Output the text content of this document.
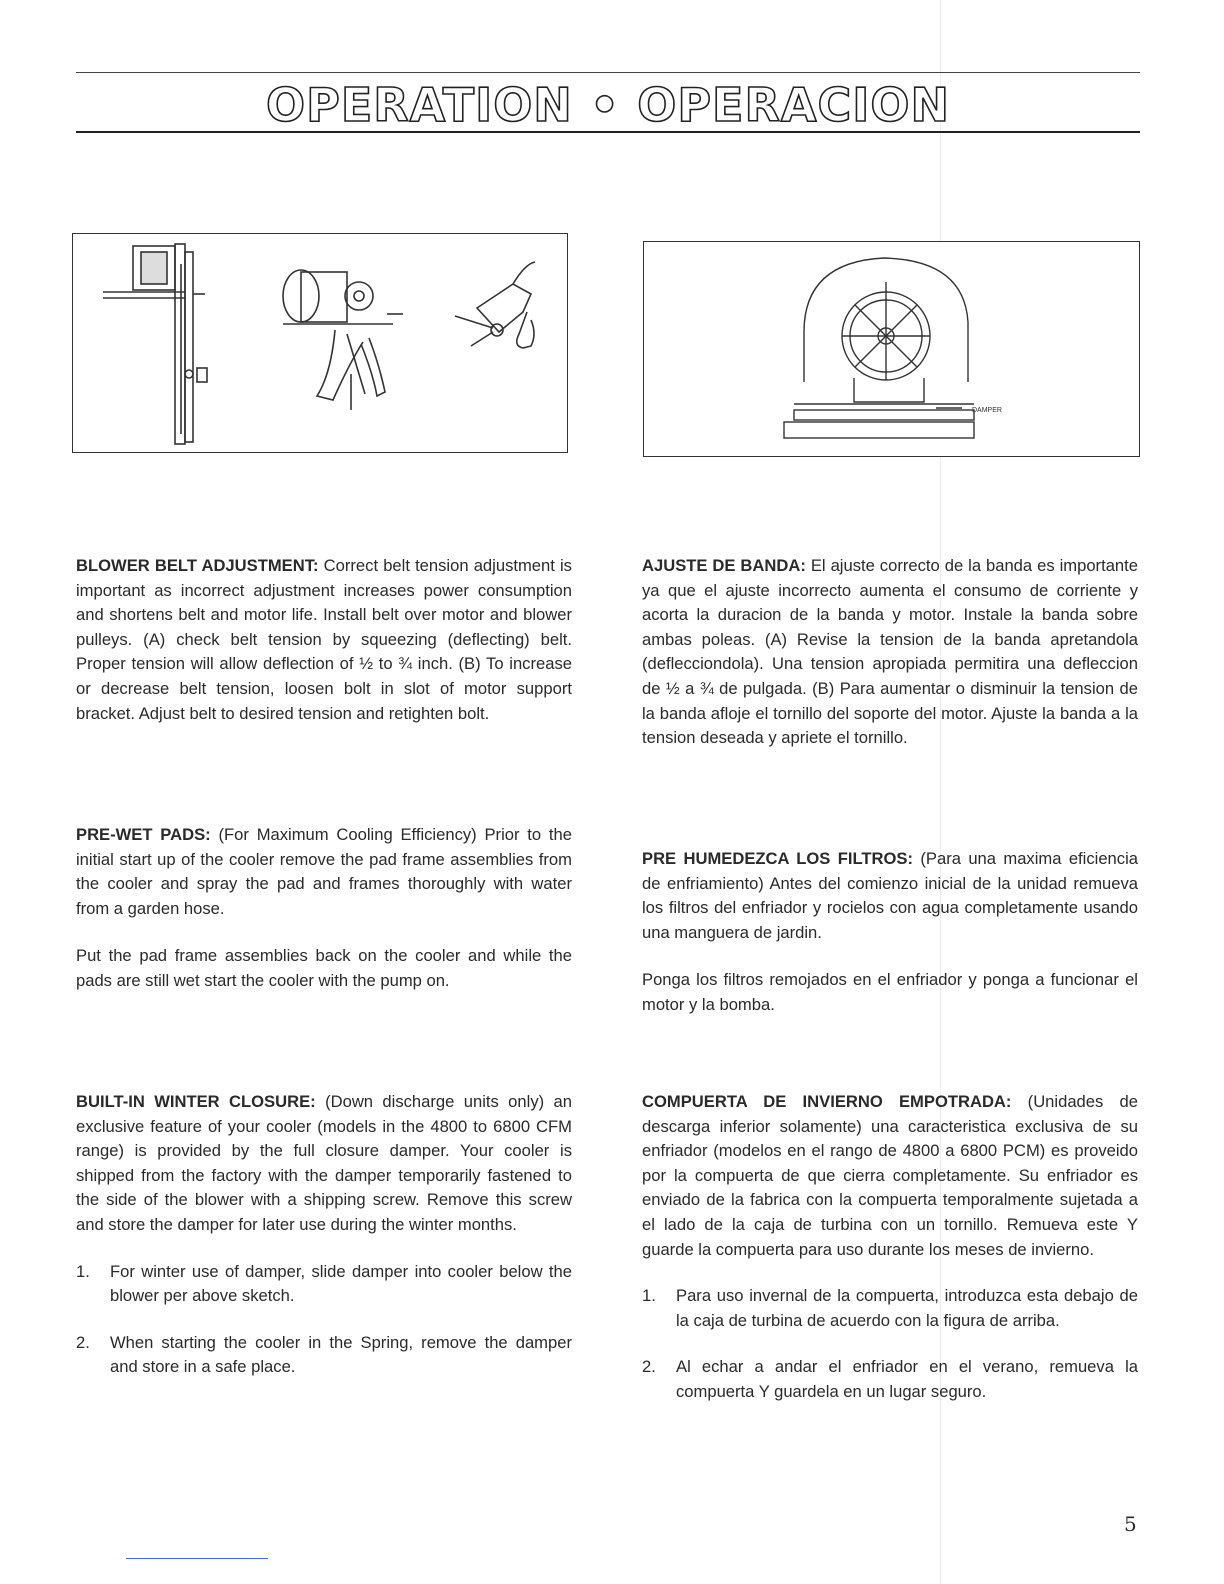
OPERATION • OPERACION
DAMPER

BLOWER BELT ADJUSTMENT: Correct belt tension adjustment is important as incorrect adjustment increases power consumption and shortens belt and motor life. Install belt over motor and blower pulleys. (A) check belt tension by squeezing (deflecting) belt. Proper tension will allow deflection of ½ to ¾ inch. (B) To increase or decrease belt tension, loosen bolt in slot of motor support bracket. Adjust belt to desired tension and retighten bolt.

AJUSTE DE BANDA: El ajuste correcto de la banda es importante ya que el ajuste incorrecto aumenta el consumo de corriente y acorta la duracion de la banda y motor. Instale la banda sobre ambas poleas. (A) Revise la tension de la banda apretandola (deflecciondola). Una tension apropiada permitira una defleccion de ½ a ¾ de pulgada. (B) Para aumentar o disminuir la tension de la banda afloje el tornillo del soporte del motor. Ajuste la banda a la tension deseada y apriete el tornillo.

PRE-WET PADS: (For Maximum Cooling Efficiency) Prior to the initial start up of the cooler remove the pad frame assemblies from the cooler and spray the pad and frames thoroughly with water from a garden hose.

Put the pad frame assemblies back on the cooler and while the pads are still wet start the cooler with the pump on.

PRE HUMEDEZCA LOS FILTROS: (Para una maxima eficiencia de enfriamiento) Antes del comienzo inicial de la unidad remueva los filtros del enfriador y rocielos con agua completamente usando una manguera de jardin.

Ponga los filtros remojados en el enfriador y ponga a funcionar el motor y la bomba.

BUILT-IN WINTER CLOSURE: (Down discharge units only) an exclusive feature of your cooler (models in the 4800 to 6800 CFM range) is provided by the full closure damper. Your cooler is shipped from the factory with the damper temporarily fastened to the side of the blower with a shipping screw. Remove this screw and store the damper for later use during the winter months.

1. For winter use of damper, slide damper into cooler below the blower per above sketch.
2. When starting the cooler in the Spring, remove the damper and store in a safe place.

COMPUERTA DE INVIERNO EMPOTRADA: (Unidades de descarga inferior solamente) una caracteristica exclusiva de su enfriador (modelos en el rango de 4800 a 6800 PCM) es proveido por la compuerta de que cierra completamente. Su enfriador es enviado de la fabrica con la compuerta temporalmente sujetada a el lado de la caja de turbina con un tornillo. Remueva este Y guarde la compuerta para uso durante los meses de invierno.

1. Para uso invernal de la compuerta, introduzca esta debajo de la caja de turbina de acuerdo con la figura de arriba.
2. Al echar a andar el enfriador en el verano, remueva la compuerta Y guardela en un lugar seguro.
5
